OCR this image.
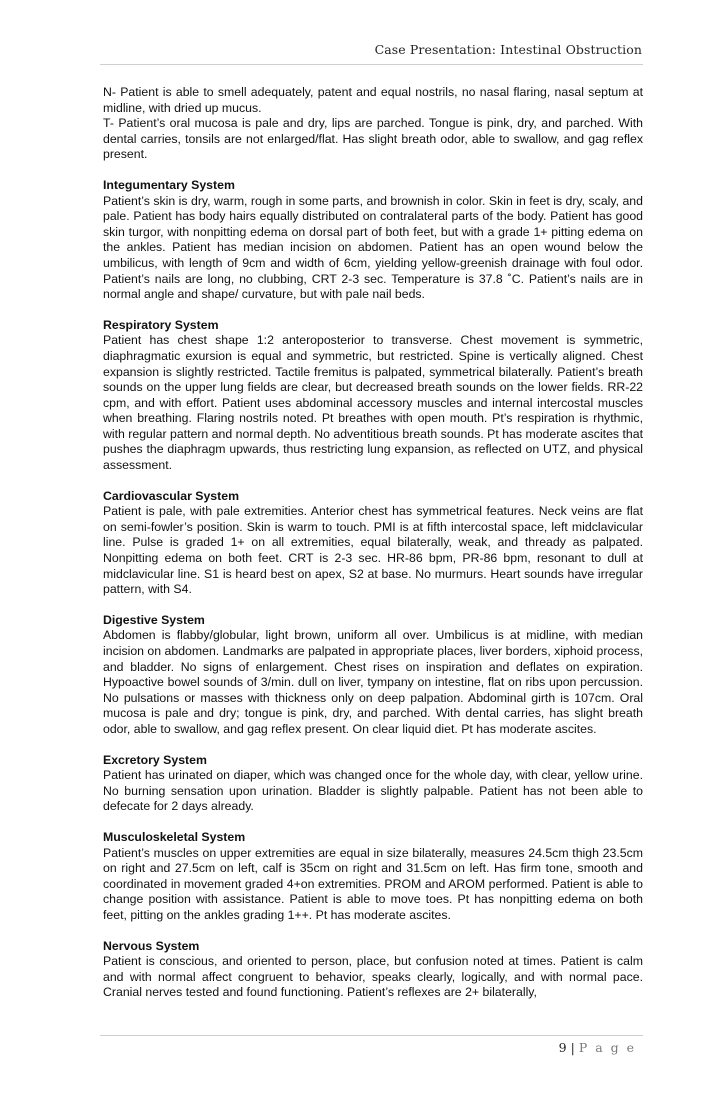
Case Presentation: Intestinal Obstruction

N- Patient is able to smell adequately, patent and equal nostrils, no nasal flaring, nasal septum at midline, with dried up mucus.

T- Patient’s oral mucosa is pale and dry, lips are parched. Tongue is pink, dry, and parched. With dental carries, tonsils are not enlarged/flat. Has slight breath odor, able to swallow, and gag reflex present.

Integumentary System

Patient’s skin is dry, warm, rough in some parts, and brownish in color. Skin in feet is dry, scaly, and pale. Patient has body hairs equally distributed on contralateral parts of the body. Patient has good skin turgor, with nonpitting edema on dorsal part of both feet, but with a grade 1+ pitting edema on the ankles. Patient has median incision on abdomen. Patient has an open wound below the umbilicus, with length of 9cm and width of 6cm, yielding yellow-greenish drainage with foul odor. Patient’s nails are long, no clubbing, CRT 2-3 sec. Temperature is 37.8 ˚C. Patient’s nails are in normal angle and shape/ curvature, but with pale nail beds.

Respiratory System

Patient has chest shape 1:2 anteroposterior to transverse. Chest movement is symmetric, diaphragmatic exursion is equal and symmetric, but restricted. Spine is vertically aligned. Chest expansion is slightly restricted. Tactile fremitus is palpated, symmetrical bilaterally. Patient’s breath sounds on the upper lung fields are clear, but decreased breath sounds on the lower fields. RR-22 cpm, and with effort. Patient uses abdominal accessory muscles and internal intercostal muscles when breathing. Flaring nostrils noted. Pt breathes with open mouth. Pt’s respiration is rhythmic, with regular pattern and normal depth. No adventitious breath sounds. Pt has moderate ascites that pushes the diaphragm upwards, thus restricting lung expansion, as reflected on UTZ, and physical assessment.

Cardiovascular System

Patient is pale, with pale extremities. Anterior chest has symmetrical features. Neck veins are flat on semi-fowler’s position. Skin is warm to touch. PMI is at fifth intercostal space, left midclavicular line. Pulse is graded 1+ on all extremities, equal bilaterally, weak, and thready as palpated. Nonpitting edema on both feet. CRT is 2-3 sec. HR-86 bpm, PR-86 bpm, resonant to dull at midclavicular line. S1 is heard best on apex, S2 at base. No murmurs. Heart sounds have irregular pattern, with S4.

Digestive System

Abdomen is flabby/globular, light brown, uniform all over. Umbilicus is at midline, with median incision on abdomen. Landmarks are palpated in appropriate places, liver borders, xiphoid process, and bladder. No signs of enlargement. Chest rises on inspiration and deflates on expiration. Hypoactive bowel sounds of 3/min. dull on liver, tympany on intestine, flat on ribs upon percussion. No pulsations or masses with thickness only on deep palpation. Abdominal girth is 107cm. Oral mucosa is pale and dry; tongue is pink, dry, and parched. With dental carries, has slight breath odor, able to swallow, and gag reflex present. On clear liquid diet. Pt has moderate ascites.

Excretory System

Patient has urinated on diaper, which was changed once for the whole day, with clear, yellow urine. No burning sensation upon urination. Bladder is slightly palpable. Patient has not been able to defecate for 2 days already.

Musculoskeletal System

Patient’s muscles on upper extremities are equal in size bilaterally, measures 24.5cm thigh 23.5cm on right and 27.5cm on left, calf is 35cm on right and 31.5cm on left. Has firm tone, smooth and coordinated in movement graded 4+on extremities. PROM and AROM performed. Patient is able to change position with assistance. Patient is able to move toes. Pt has nonpitting edema on both feet, pitting on the ankles grading 1++. Pt has moderate ascites.

Nervous System

Patient is conscious, and oriented to person, place, but confusion noted at times. Patient is calm and with normal affect congruent to behavior, speaks clearly, logically, and with normal pace. Cranial nerves tested and found functioning. Patient’s reflexes are 2+ bilaterally,

9 | P a g e
